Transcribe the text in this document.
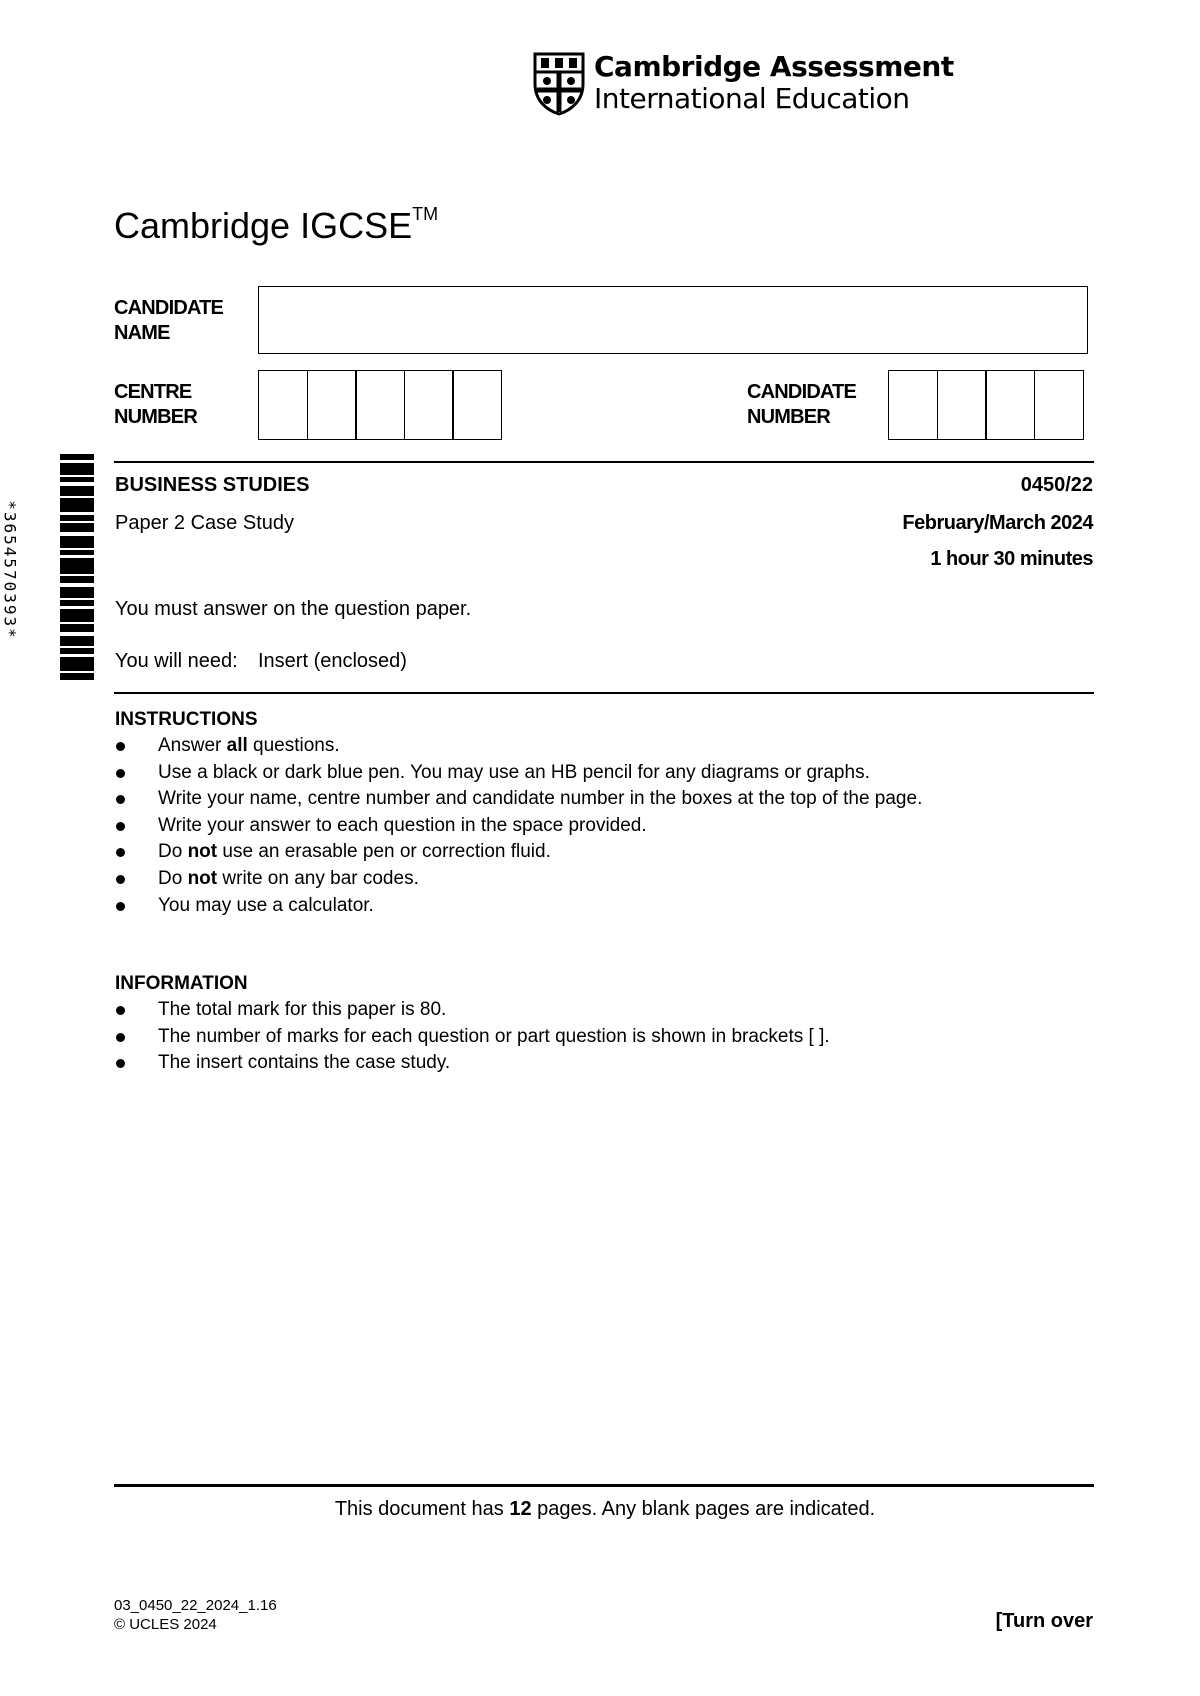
Cambridge Assessment
International Education
Cambridge IGCSE™
CANDIDATE
NAME
CENTRE
NUMBER
CANDIDATE
NUMBER
*3654570393*
BUSINESS STUDIES	0450/22
Paper 2 Case Study	February/March 2024
1 hour 30 minutes
You must answer on the question paper.
You will need: Insert (enclosed)
INSTRUCTIONS
Answer all questions.
Use a black or dark blue pen. You may use an HB pencil for any diagrams or graphs.
Write your name, centre number and candidate number in the boxes at the top of the page.
Write your answer to each question in the space provided.
Do not use an erasable pen or correction fluid.
Do not write on any bar codes.
You may use a calculator.
INFORMATION
The total mark for this paper is 80.
The number of marks for each question or part question is shown in brackets [ ].
The insert contains the case study.
This document has 12 pages. Any blank pages are indicated.
03_0450_22_2024_1.16
© UCLES 2024	[Turn over
